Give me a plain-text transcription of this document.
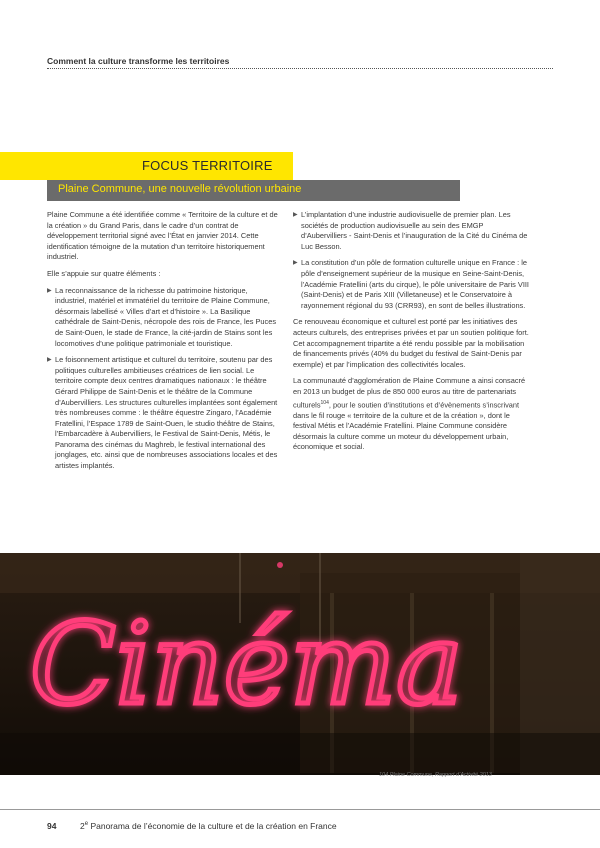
Comment la culture transforme les territoires
FOCUS TERRITOIRE
Plaine Commune, une nouvelle révolution urbaine

Plaine Commune a été identifiée comme « Territoire de la culture et de la création » du Grand Paris, dans le cadre d’un contrat de développement territorial signé avec l’État en janvier 2014. Cette identification témoigne de la mutation d’un territoire historiquement industriel.

Elle s’appuie sur quatre éléments :

▶ La reconnaissance de la richesse du patrimoine historique, industriel, matériel et immatériel du territoire de Plaine Commune, désormais labellisé « Villes d’art et d’histoire ». La Basilique cathédrale de Saint-Denis, nécropole des rois de France, les Puces de Saint-Ouen, le stade de France, la cité-jardin de Stains sont les locomotives d’une politique patrimoniale et touristique.
▶ Le foisonnement artistique et culturel du territoire, soutenu par des politiques culturelles ambitieuses créatrices de lien social. Le territoire compte deux centres dramatiques nationaux : le théâtre Gérard Philippe de Saint-Denis et le théâtre de la Commune d’Aubervilliers. Les structures culturelles implantées sont également très nombreuses comme : le théâtre équestre Zingaro, l’Académie Fratellini, l’Espace 1789 de Saint-Ouen, le studio théâtre de Stains, l’Embarcadère à Aubervilliers, le Festival de Saint-Denis, Métis, le Panorama des cinémas du Maghreb, le festival international des jonglages, etc. ainsi que de nombreuses associations locales et des artistes implantés.
▶ L’implantation d’une industrie audiovisuelle de premier plan. Les sociétés de production audiovisuelle au sein des EMGP d’Aubervilliers - Saint-Denis et l’inauguration de la Cité du Cinéma de Luc Besson.
▶ La constitution d’un pôle de formation culturelle unique en France : le pôle d’enseignement supérieur de la musique en Seine-Saint-Denis, l’Académie Fratellini (arts du cirque), le pôle universitaire de Paris VIII (Saint-Denis) et de Paris XIII (Villetaneuse) et le Conservatoire à rayonnement régional du 93 (CRR93), en sont de belles illustrations.

Ce renouveau économique et culturel est porté par les initiatives des acteurs culturels, des entreprises privées et par un soutien politique fort. Cet accompagnement tripartite a été rendu possible par la mobilisation de financements privés (40% du budget du festival de Saint-Denis par exemple) et par l’implication des collectivités locales.

La communauté d’agglomération de Plaine Commune a ainsi consacré en 2013 un budget de plus de 850 000 euros au titre de partenariats culturels$^{104}$, pour le soutien d’institutions et d’évènements s’inscrivant dans le fil rouge « territoire de la culture et de la création », dont le festival Métis et l’Académie Fratellini. Plaine Commune considère désormais la culture comme un moteur du développement urbain, économique et social.

Cinéma
104 Plaine Commune, Rapport d’Activité 2013
94	2e Panorama de l’économie de la culture et de la création en France
